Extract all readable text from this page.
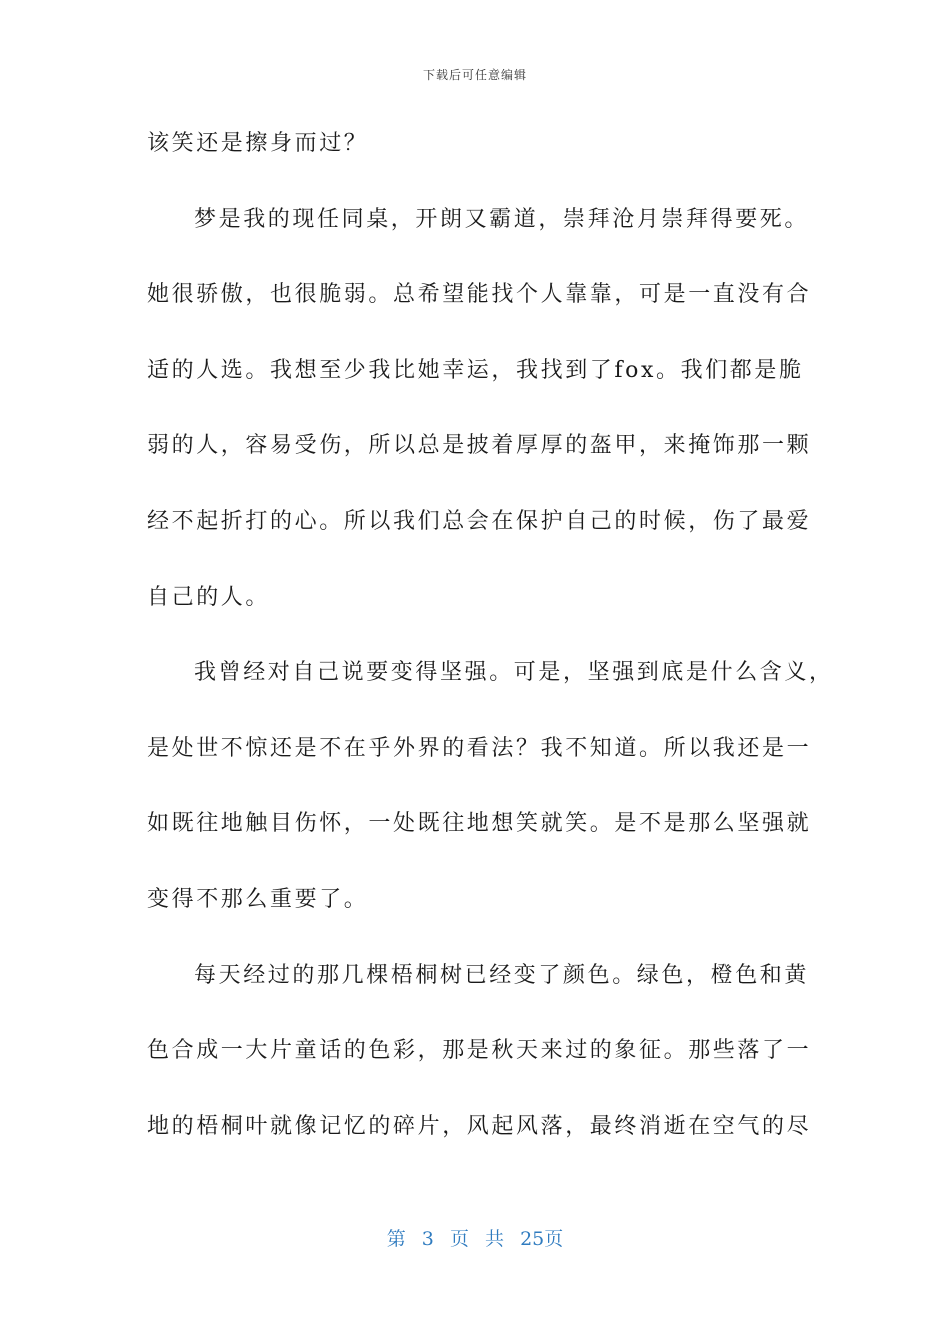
下载后可任意编辑
该笑还是擦身而过？
梦是我的现任同桌，开朗又霸道，崇拜沧月崇拜得要死。
她很骄傲，也很脆弱。总希望能找个人靠靠，可是一直没有合
适的人选。我想至少我比她幸运，我找到了fox。我们都是脆
弱的人，容易受伤，所以总是披着厚厚的盔甲，来掩饰那一颗
经不起折打的心。所以我们总会在保护自己的时候，伤了最爱
自己的人。
我曾经对自己说要变得坚强。可是，坚强到底是什么含义，
是处世不惊还是不在乎外界的看法？我不知道。所以我还是一
如既往地触目伤怀，一处既往地想笑就笑。是不是那么坚强就
变得不那么重要了。
每天经过的那几棵梧桐树已经变了颜色。绿色，橙色和黄
色合成一大片童话的色彩，那是秋天来过的象征。那些落了一
地的梧桐叶就像记忆的碎片，风起风落，最终消逝在空气的尽
第 3 页 共 25页
